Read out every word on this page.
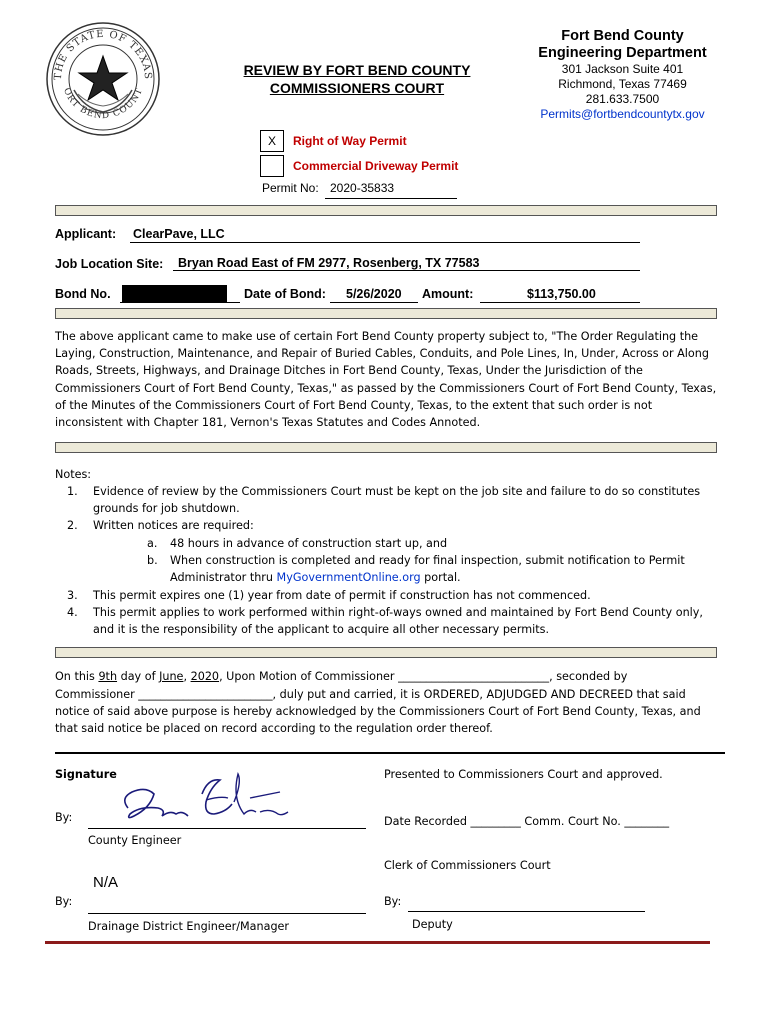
THE STATE OF TEXAS
ORT BEND COUNT
REVIEW BY FORT BEND COUNTY
COMMISSIONERS COURT
Fort Bend County
Engineering Department
301 Jackson Suite 401
Richmond, Texas 77469
281.633.7500
Permits@fortbendcountytx.gov
X	Right of Way Permit
Commercial Driveway Permit
Permit No: 2020-35833
Applicant: ClearPave, LLC
Job Location Site: Bryan Road East of FM 2977, Rosenberg, TX 77583
Bond No.	Date of Bond: 5/26/2020 Amount:	$113,750.00
The above applicant came to make use of certain Fort Bend County property subject to, "The Order Regulating the Laying, Construction, Maintenance, and Repair of Buried Cables, Conduits, and Pole Lines, In, Under, Across or Along Roads, Streets, Highways, and Drainage Ditches in Fort Bend County, Texas, Under the Jurisdiction of the Commissioners Court of Fort Bend County, Texas," as passed by the Commissioners Court of Fort Bend County, Texas, of the Minutes of the Commissioners Court of Fort Bend County, Texas, to the extent that such order is not inconsistent with Chapter 181, Vernon's Texas Statutes and Codes Annoted.
Notes:
1. Evidence of review by the Commissioners Court must be kept on the job site and failure to do so constitutes
grounds for job shutdown.
2. Written notices are required:
a. 48 hours in advance of construction start up, and
b. When construction is completed and ready for final inspection, submit notification to Permit
Administrator thru MyGovernmentOnline.org portal.
3. This permit expires one (1) year from date of permit if construction has not commenced.
4. This permit applies to work performed within right-of-ways owned and maintained by Fort Bend County only,
and it is the responsibility of the applicant to acquire all other necessary permits.
On this 9th day of June, 2020, Upon Motion of Commissioner ___________________________, seconded by
Commissioner ________________________, duly put and carried, it is ORDERED, ADJUDGED AND DECREED that said
notice of said above purpose is hereby acknowledged by the Commissioners Court of Fort Bend County, Texas, and
that said notice be placed on record according to the regulation order thereof.
Signature
By:
County Engineer
N/A
By:
Drainage District Engineer/Manager
Presented to Commissioners Court and approved.
Date Recorded _________ Comm. Court No. ________
Clerk of Commissioners Court
By:
Deputy
